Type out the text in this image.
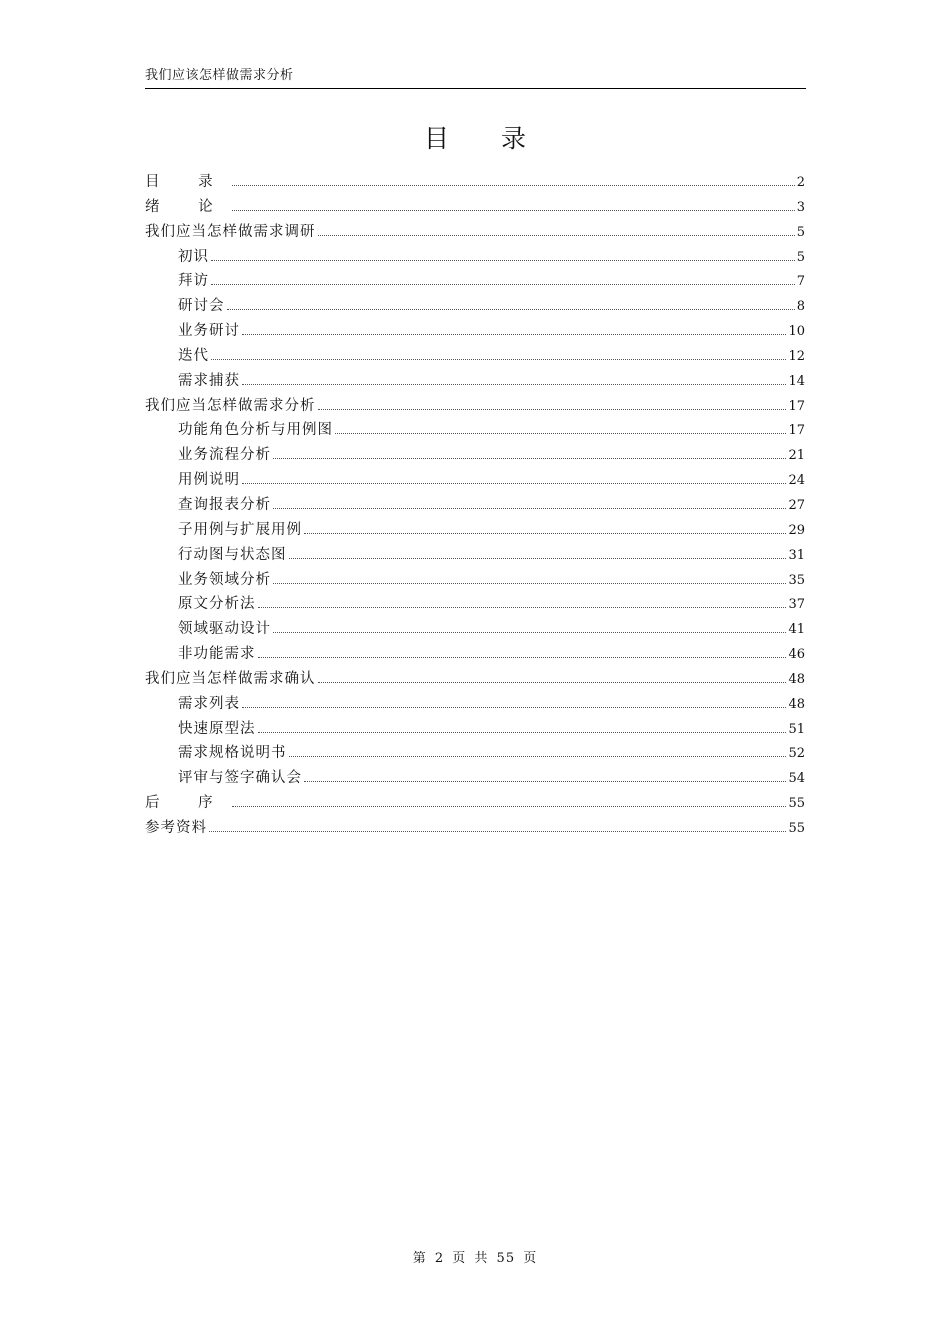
我们应该怎样做需求分析
目 录
目 录	2
绪 论	3
我们应当怎样做需求调研	5
初识	5
拜访	7
研讨会	8
业务研讨	10
迭代	12
需求捕获	14
我们应当怎样做需求分析	17
功能角色分析与用例图	17
业务流程分析	21
用例说明	24
查询报表分析	27
子用例与扩展用例	29
行动图与状态图	31
业务领域分析	35
原文分析法	37
领域驱动设计	41
非功能需求	46
我们应当怎样做需求确认	48
需求列表	48
快速原型法	51
需求规格说明书	52
评审与签字确认会	54
后 序	55
参考资料	55
第 2 页 共 55 页
